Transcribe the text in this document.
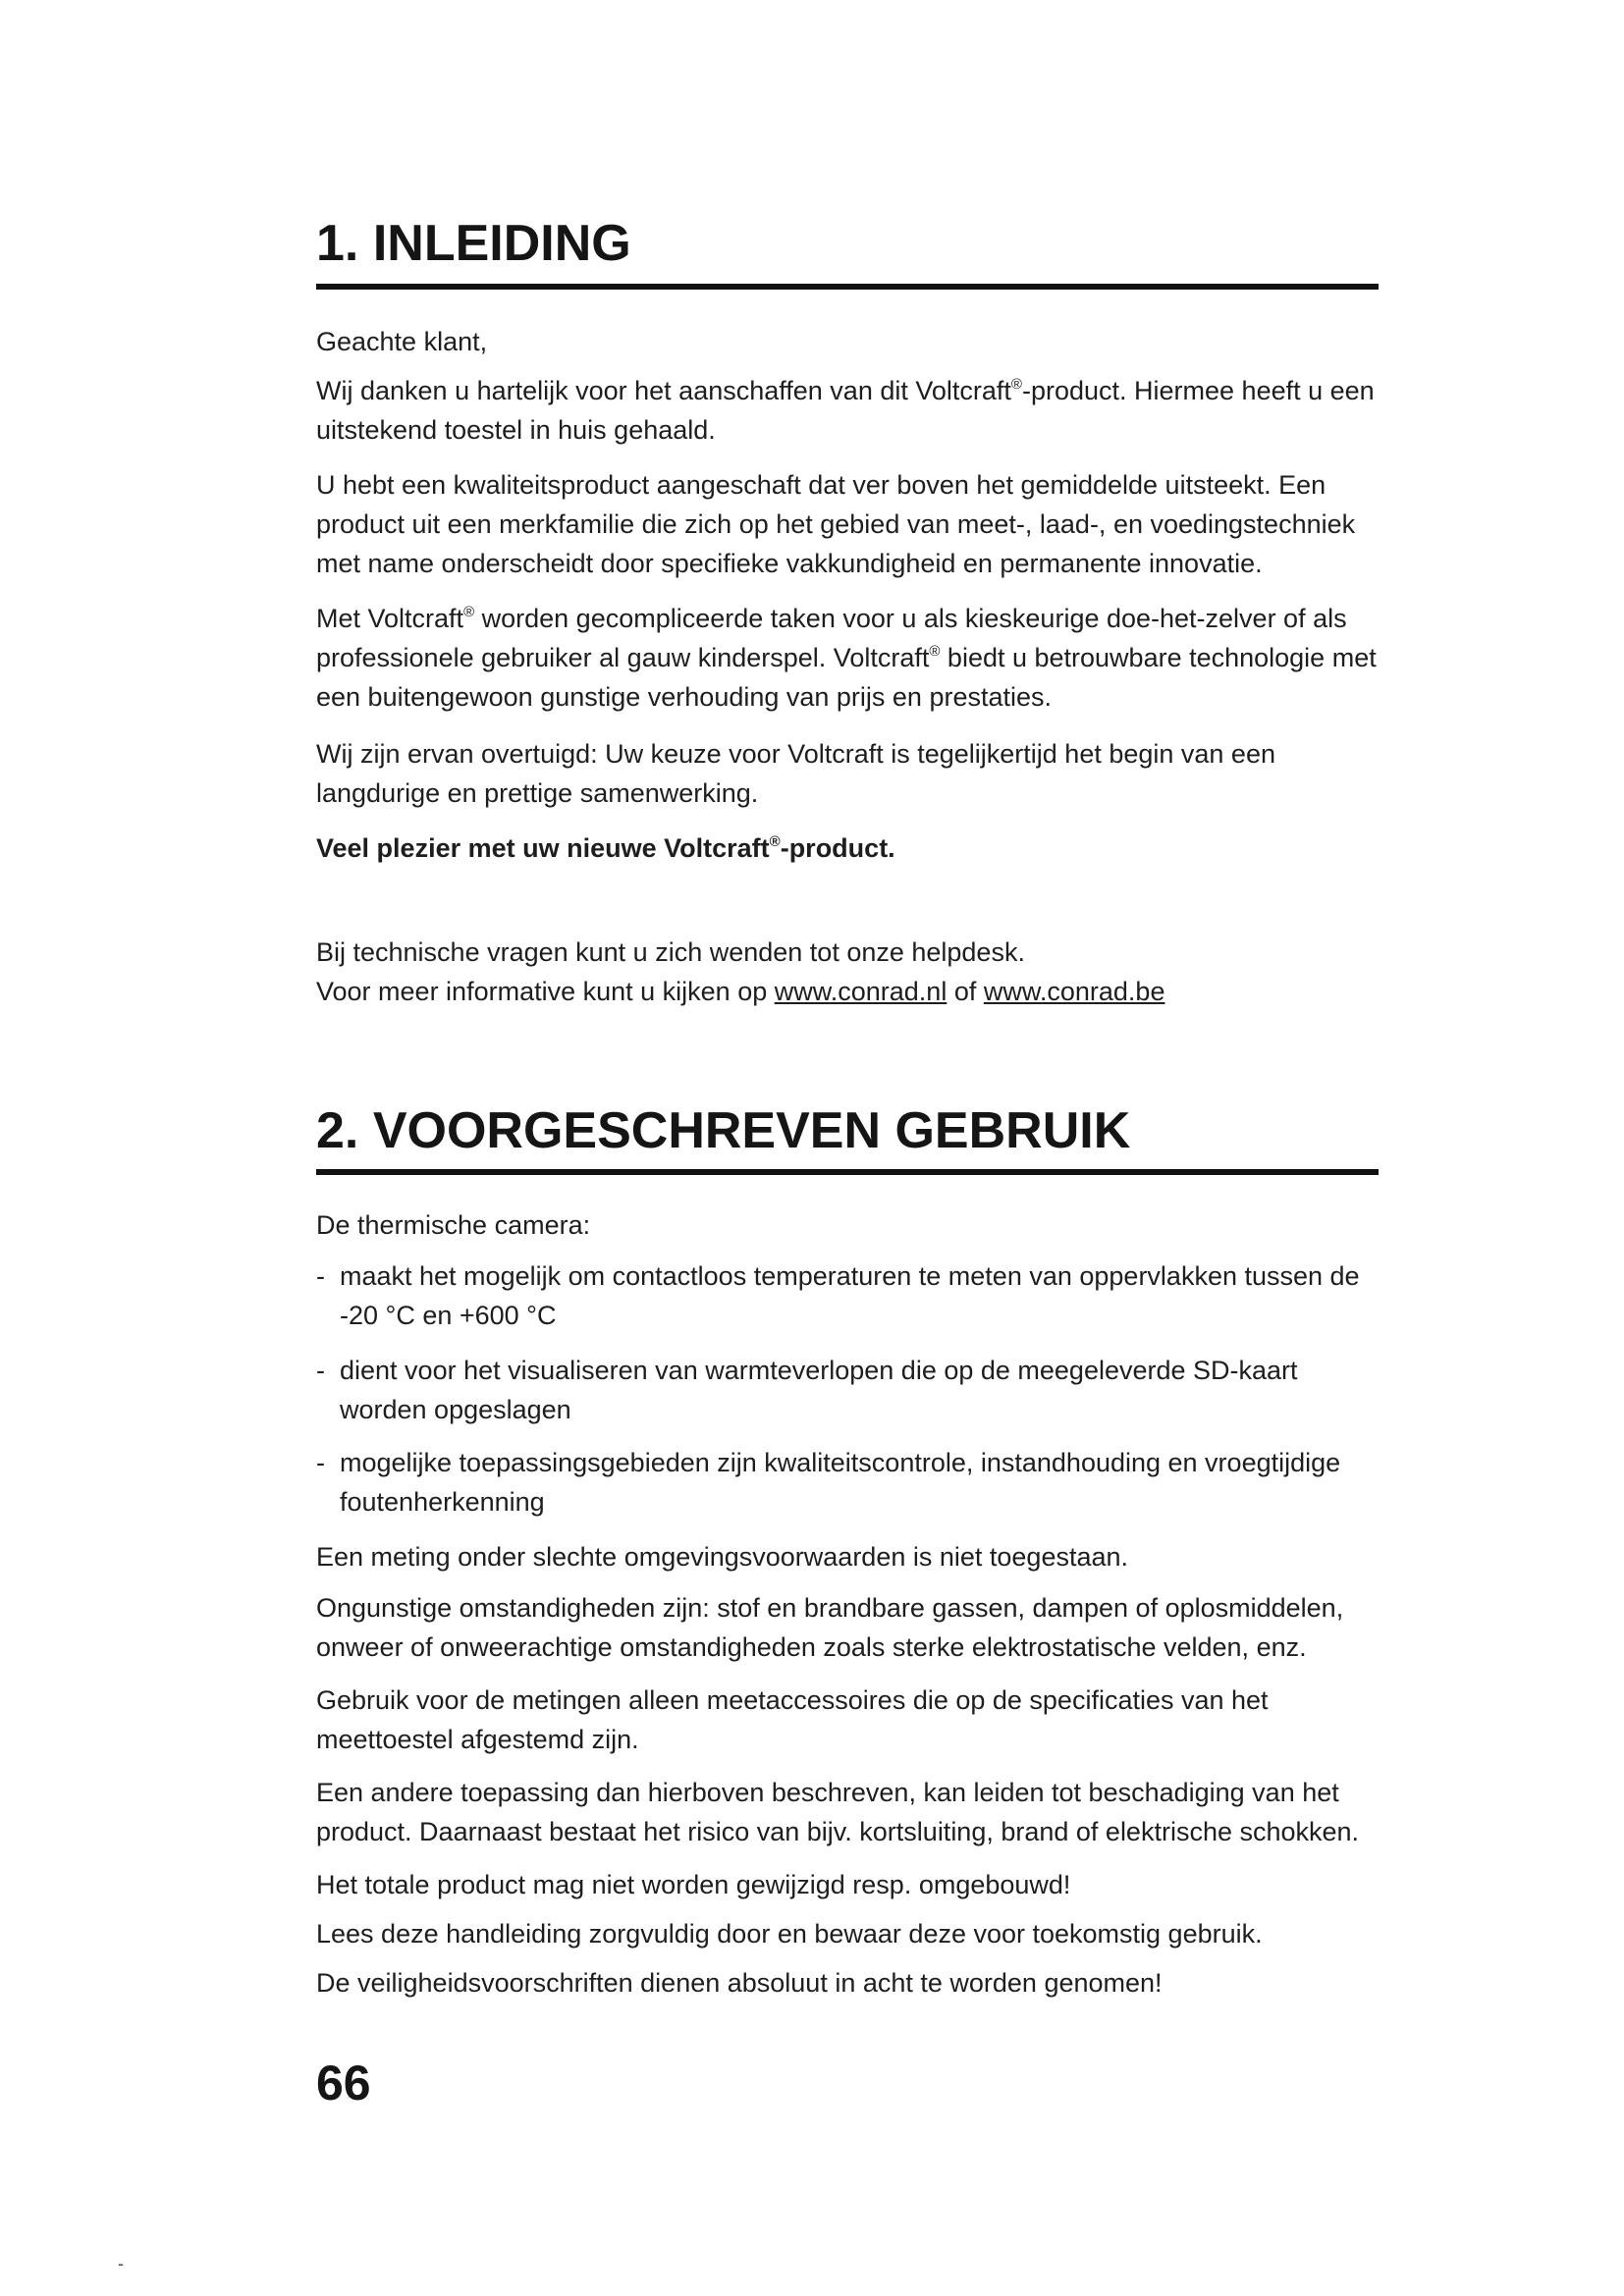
1. INLEIDING
Geachte klant,
Wij danken u hartelijk voor het aanschaffen van dit Voltcraft®-product. Hiermee heeft u een uitstekend toestel in huis gehaald.
U hebt een kwaliteitsproduct aangeschaft dat ver boven het gemiddelde uitsteekt. Een product uit een merkfamilie die zich op het gebied van meet-, laad-, en voedingstechniek met name onderscheidt door specifieke vakkundigheid en permanente innovatie.
Met Voltcraft® worden gecompliceerde taken voor u als kieskeurige doe-het-zelver of als professionele gebruiker al gauw kinderspel. Voltcraft® biedt u betrouwbare technologie met een buitengewoon gunstige verhouding van prijs en prestaties.
Wij zijn ervan overtuigd: Uw keuze voor Voltcraft is tegelijkertijd het begin van een langdurige en prettige samenwerking.
Veel plezier met uw nieuwe Voltcraft®-product.
Bij technische vragen kunt u zich wenden tot onze helpdesk.
Voor meer informative kunt u kijken op www.conrad.nl of www.conrad.be
2. VOORGESCHREVEN GEBRUIK
De thermische camera:
- maakt het mogelijk om contactloos temperaturen te meten van oppervlakken tussen de -20 °C en +600 °C
- dient voor het visualiseren van warmteverlopen die op de meegeleverde SD-kaart worden opgeslagen
- mogelijke toepassingsgebieden zijn kwaliteitscontrole, instandhouding en vroegtijdige foutenherkenning
Een meting onder slechte omgevingsvoorwaarden is niet toegestaan.
Ongunstige omstandigheden zijn: stof en brandbare gassen, dampen of oplosmiddelen, onweer of onweerachtige omstandigheden zoals sterke elektrostatische velden, enz.
Gebruik voor de metingen alleen meetaccessoires die op de specificaties van het meettoestel afgestemd zijn.
Een andere toepassing dan hierboven beschreven, kan leiden tot beschadiging van het product. Daarnaast bestaat het risico van bijv. kortsluiting, brand of elektrische schokken.
Het totale product mag niet worden gewijzigd resp. omgebouwd!
Lees deze handleiding zorgvuldig door en bewaar deze voor toekomstig gebruik.
De veiligheidsvoorschriften dienen absoluut in acht te worden genomen!
66
-
